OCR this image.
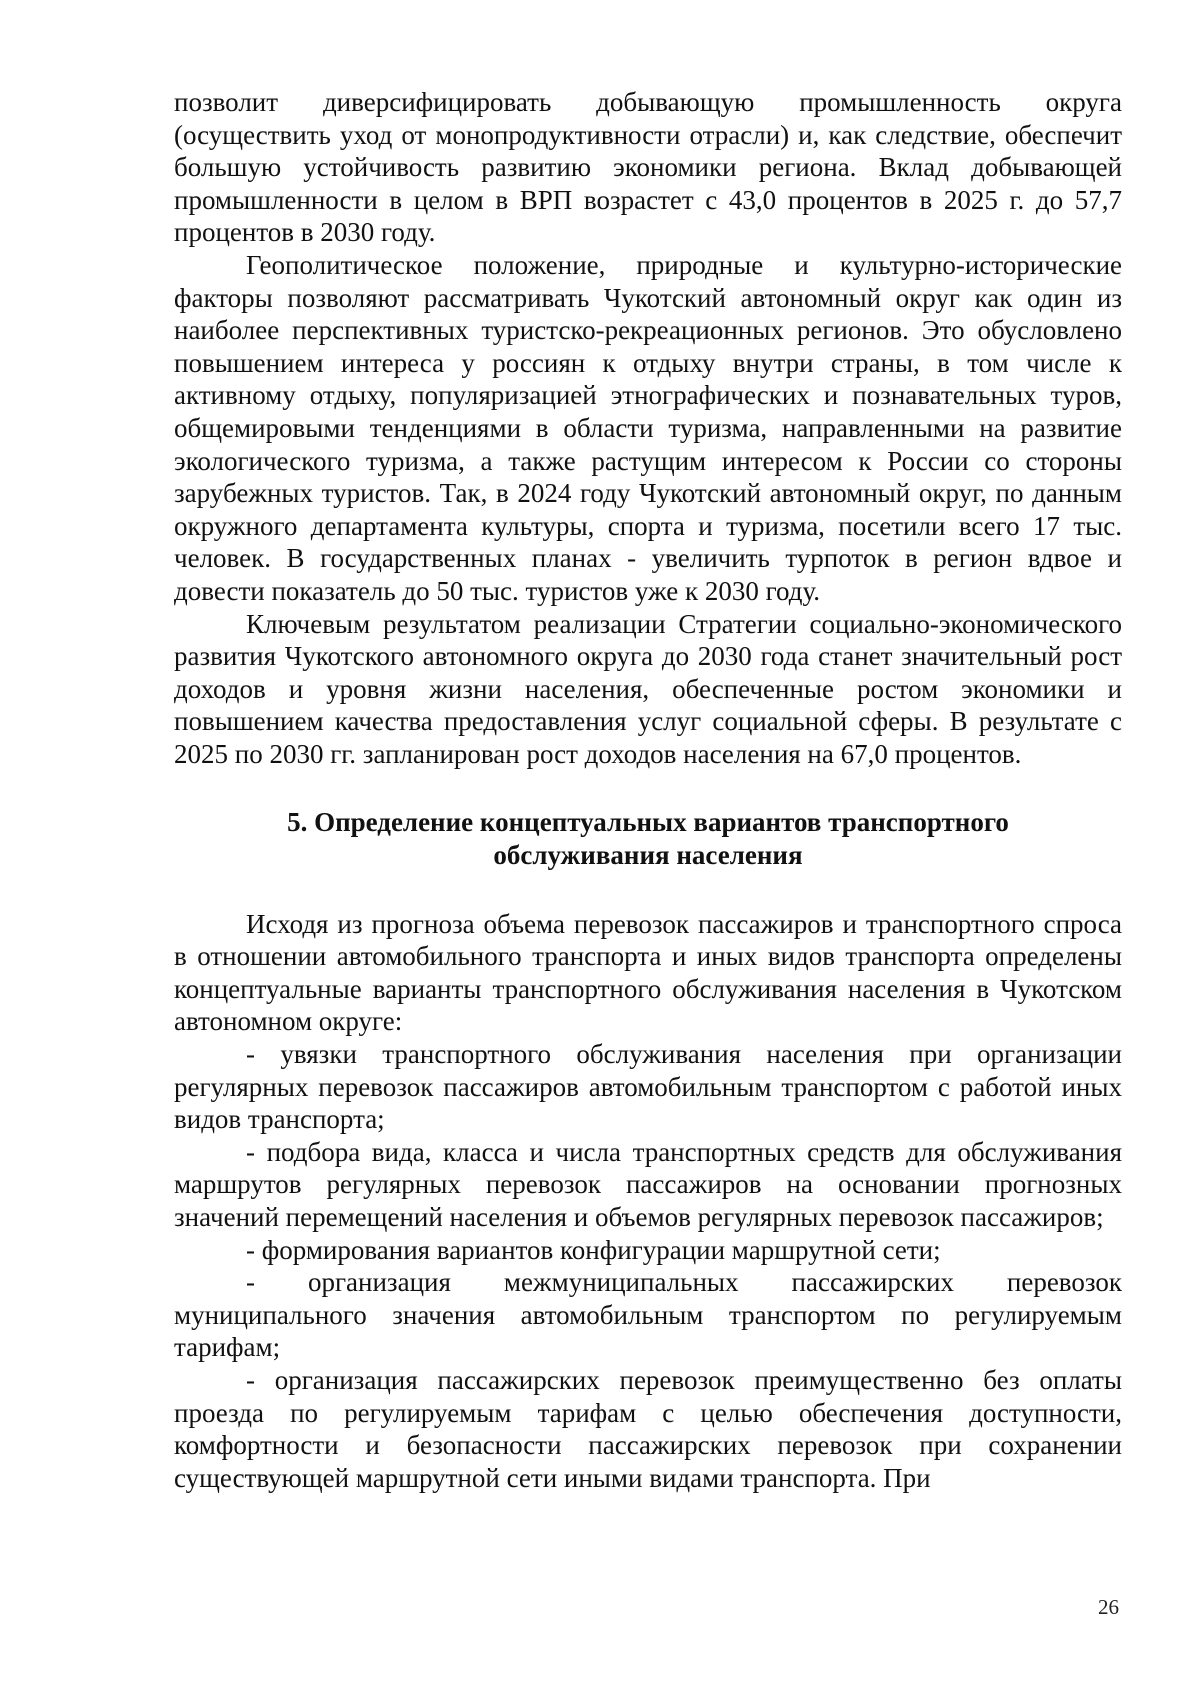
позволит диверсифицировать добывающую промышленность округа (осуществить уход от монопродуктивности отрасли) и, как следствие, обеспечит большую устойчивость развитию экономики региона. Вклад добывающей промышленности в целом в ВРП возрастет с 43,0 процентов в 2025 г. до 57,7 процентов в 2030 году.

Геополитическое положение, природные и культурно-исторические факторы позволяют рассматривать Чукотский автономный округ как один из наиболее перспективных туристско-рекреационных регионов. Это обусловлено повышением интереса у россиян к отдыху внутри страны, в том числе к активному отдыху, популяризацией этнографических и познавательных туров, общемировыми тенденциями в области туризма, направленными на развитие экологического туризма, а также растущим интересом к России со стороны зарубежных туристов. Так, в 2024 году Чукотский автономный округ, по данным окружного департамента культуры, спорта и туризма, посетили всего 17 тыс. человек. В государственных планах - увеличить турпоток в регион вдвое и довести показатель до 50 тыс. туристов уже к 2030 году.

Ключевым результатом реализации Стратегии социально-экономического развития Чукотского автономного округа до 2030 года станет значительный рост доходов и уровня жизни населения, обеспеченные ростом экономики и повышением качества предоставления услуг социальной сферы. В результате с 2025 по 2030 гг. запланирован рост доходов населения на 67,0 процентов.

5. Определение концептуальных вариантов транспортного
обслуживания населения

Исходя из прогноза объема перевозок пассажиров и транспортного спроса в отношении автомобильного транспорта и иных видов транспорта определены концептуальные варианты транспортного обслуживания населения в Чукотском автономном округе:

- увязки транспортного обслуживания населения при организации регулярных перевозок пассажиров автомобильным транспортом с работой иных видов транспорта;

- подбора вида, класса и числа транспортных средств для обслуживания маршрутов регулярных перевозок пассажиров на основании прогнозных значений перемещений населения и объемов регулярных перевозок пассажиров;

- формирования вариантов конфигурации маршрутной сети;

- организация межмуниципальных пассажирских перевозок муниципального значения автомобильным транспортом по регулируемым тарифам;

- организация пассажирских перевозок преимущественно без оплаты проезда по регулируемым тарифам с целью обеспечения доступности, комфортности и безопасности пассажирских перевозок при сохранении существующей маршрутной сети иными видами транспорта. При

26
